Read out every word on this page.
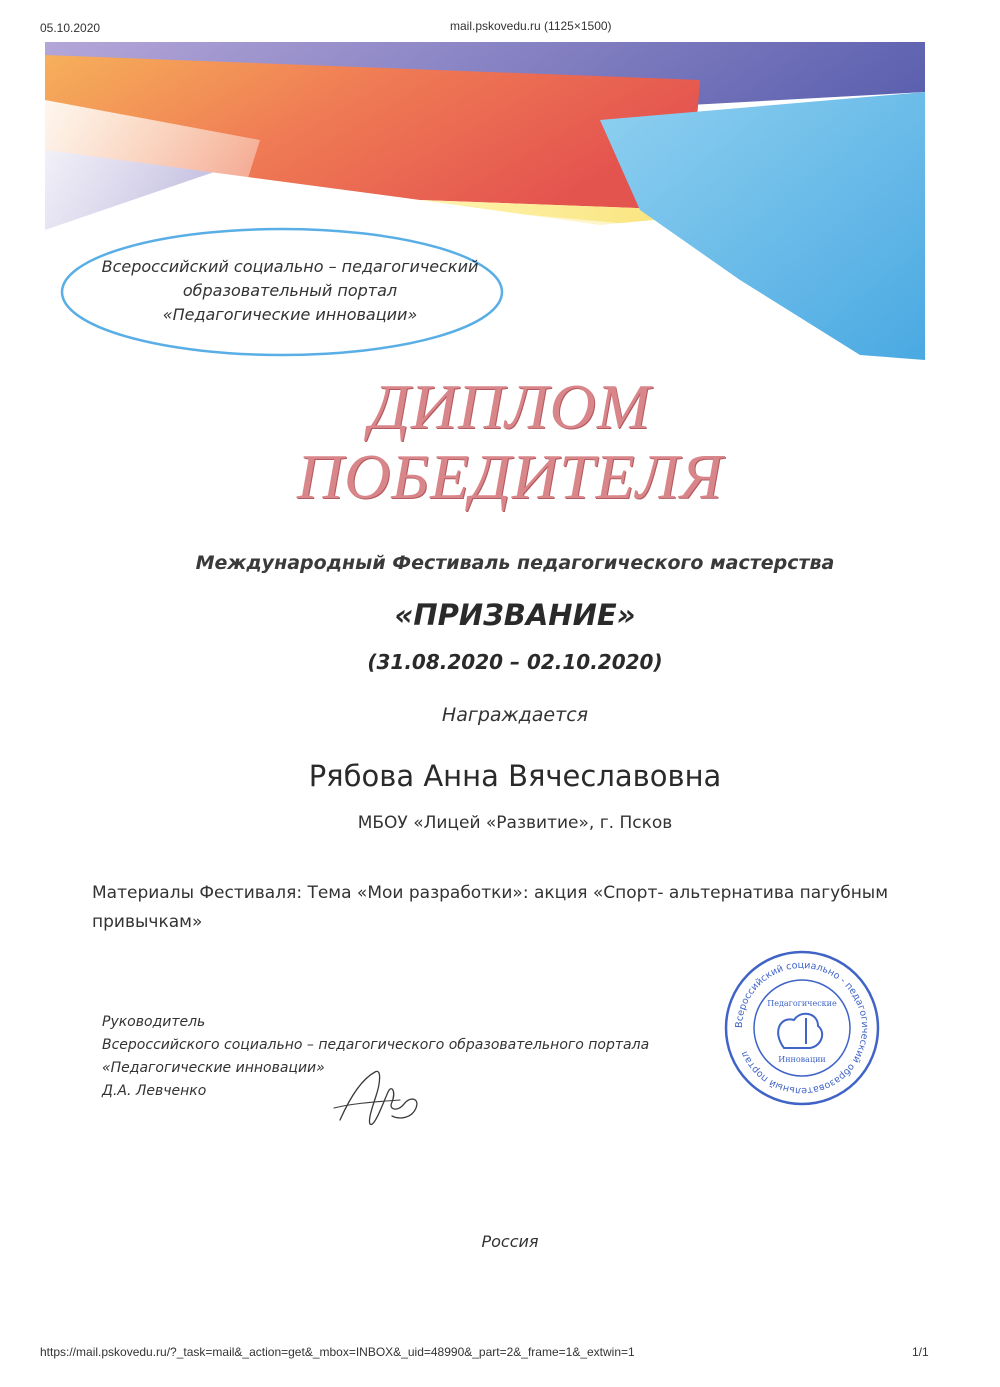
05.10.2020	mail.pskovedu.ru (1125×1500)
Всероссийский социально – педагогический
образовательный портал
«Педагогические инновации»
ДИПЛОМ
ПОБЕДИТЕЛЯ
Международный Фестиваль педагогического мастерства
«ПРИЗВАНИЕ»
(31.08.2020 – 02.10.2020)
Награждается
Рябова Анна Вячеславовна
МБОУ «Лицей «Развитие», г. Псков
Материалы Фестиваля: Тема «Мои разработки»: акция «Спорт- альтернатива пагубным привычкам»
Руководитель
Всероссийского социально – педагогического образовательного портала
«Педагогические инновации»
Д.А. Левченко
Всероссийский социально - педагогический образовательный портал
Педагогические
Инновации
Россия
https://mail.pskovedu.ru/?_task=mail&_action=get&_mbox=INBOX&_uid=48990&_part=2&_frame=1&_extwin=1	1/1
